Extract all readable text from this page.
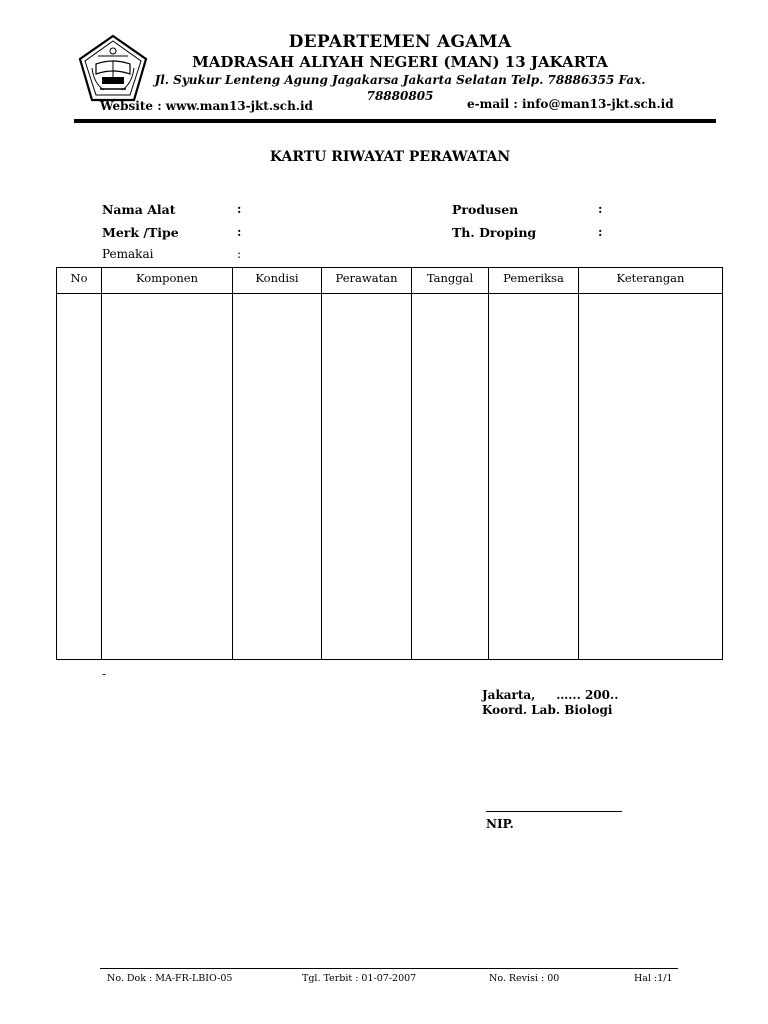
DEPARTEMEN AGAMA
MADRASAH ALIYAH NEGERI (MAN) 13 JAKARTA
Jl. Syukur Lenteng Agung Jagakarsa Jakarta Selatan Telp. 78886355 Fax.
78880805
Website : www.man13-jkt.sch.id	e-mail : info@man13-jkt.sch.id
KARTU RIWAYAT PERAWATAN
Nama Alat	:
Merk /Tipe	:
Pemakai	:
Produsen	:
Th. Droping	:
No	Komponen	Kondisi	Perawatan	Tanggal	Pemeriksa	Keterangan
-
Jakarta,     …... 200..
Koord. Lab. Biologi
NIP.
No. Dok : MA-FR-LBIO-05	Tgl. Terbit : 01-07-2007	No. Revisi : 00	Hal :1/1
